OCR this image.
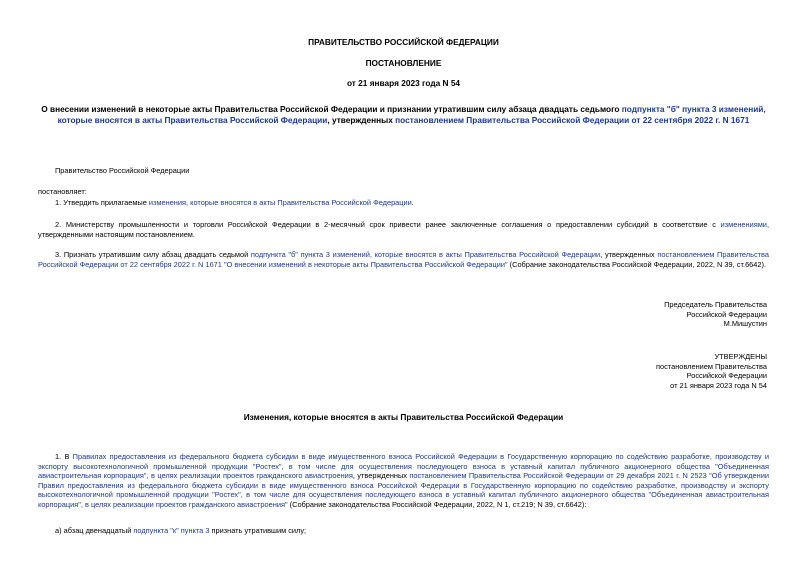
ПРАВИТЕЛЬСТВО РОССИЙСКОЙ ФЕДЕРАЦИИ
ПОСТАНОВЛЕНИЕ
от 21 января 2023 года N 54
О внесении изменений в некоторые акты Правительства Российской Федерации и признании утратившим силу абзаца двадцать седьмого подпункта "б" пункта 3 изменений, которые вносятся в акты Правительства Российской Федерации, утвержденных постановлением Правительства Российской Федерации от 22 сентября 2022 г. N 1671
Правительство Российской Федерации
постановляет:
1. Утвердить прилагаемые изменения, которые вносятся в акты Правительства Российской Федерации.
2. Министерству промышленности и торговли Российской Федерации в 2-месячный срок привести ранее заключенные соглашения о предоставлении субсидий в соответствие с изменениями, утвержденными настоящим постановлением.
3. Признать утратившим силу абзац двадцать седьмой подпункта "б" пункта 3 изменений, которые вносятся в акты Правительства Российской Федерации, утвержденных постановлением Правительства Российской Федерации от 22 сентября 2022 г. N 1671 "О внесении изменений в некоторые акты Правительства Российской Федерации" (Собрание законодательства Российской Федерации, 2022, N 39, ст.6642).
Председатель Правительства
Российской Федерации
М.Мишустин
УТВЕРЖДЕНЫ
постановлением Правительства
Российской Федерации
от 21 января 2023 года N 54
Изменения, которые вносятся в акты Правительства Российской Федерации
1. В Правилах предоставления из федерального бюджета субсидии в виде имущественного взноса Российской Федерации в Государственную корпорацию по содействию разработке, производству и экспорту высокотехнологичной промышленной продукции "Ростех", в том числе для осуществления последующего взноса в уставный капитал публичного акционерного общества "Объединенная авиастроительная корпорация", в целях реализации проектов гражданского авиастроения, утвержденных постановлением Правительства Российской Федерации от 29 декабря 2021 г. N 2523 "Об утверждении Правил предоставления из федерального бюджета субсидии в виде имущественного взноса Российской Федерации в Государственную корпорацию по содействию разработке, производству и экспорту высокотехнологичной промышленной продукции "Ростех", в том числе для осуществления последующего взноса в уставный капитал публичного акционерного общества "Объединенная авиастроительная корпорация", в целях реализации проектов гражданского авиастроения" (Собрание законодательства Российской Федерации, 2022, N 1, ст.219; N 39, ст.6642):
а) абзац двенадцатый подпункта "к" пункта 3 признать утратившим силу;
